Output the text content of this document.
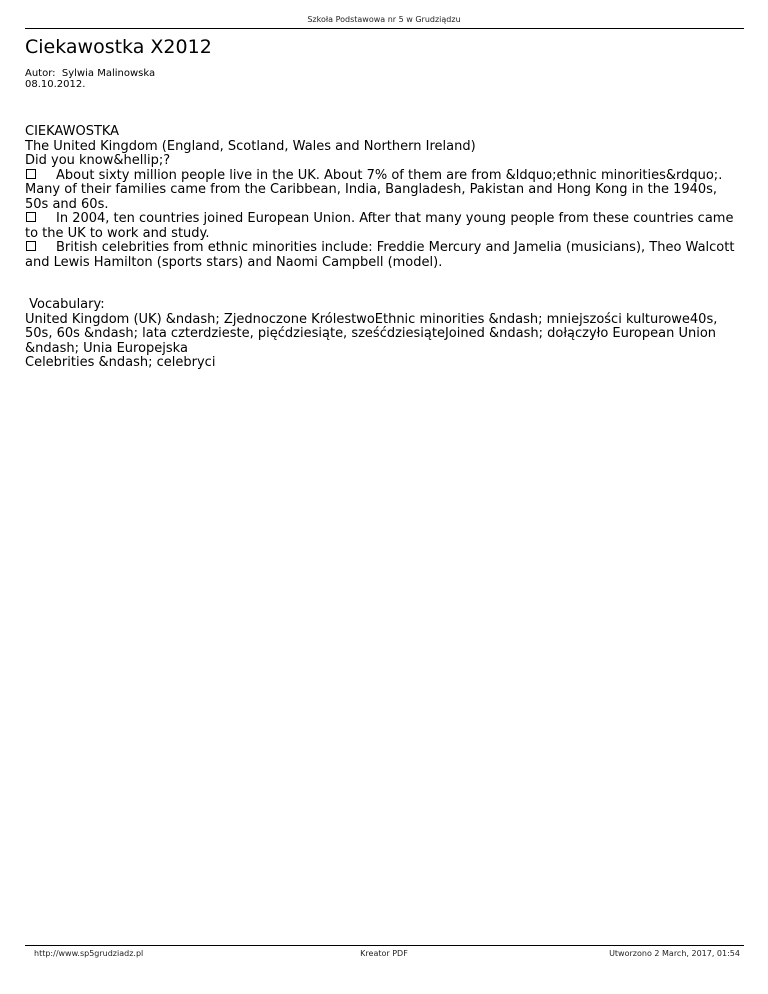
Szkoła Podstawowa nr 5 w Grudziądzu
Ciekawostka X2012
Autor:  Sylwia Malinowska
08.10.2012.

CIEKAWOSTKA

The United Kingdom (England, Scotland, Wales and Northern Ireland)

Did you know&hellip;?

About sixty million people live in the UK. About 7% of them are from &ldquo;ethnic minorities&rdquo;. Many of their families came from the Caribbean, India, Bangladesh, Pakistan and Hong Kong in the 1940s, 50s and 60s.

In 2004, ten countries joined European Union. After that many young people from these countries came to the UK to work and study.

British celebrities from ethnic minorities include: Freddie Mercury and Jamelia (musicians), Theo Walcott and Lewis Hamilton (sports stars) and Naomi Campbell (model).

Vocabulary:

United Kingdom (UK) &ndash; Zjednoczone KrólestwoEthnic minorities &ndash; mniejszości kulturowe40s, 50s, 60s &ndash; lata czterdzieste, pięćdziesiąte, sześćdziesiąteJoined &ndash; dołączyło European Union &ndash; Unia Europejska

Celebrities &ndash; celebryci

http://www.sp5grudziadz.pl	Kreator PDF	Utworzono 2 March, 2017, 01:54
